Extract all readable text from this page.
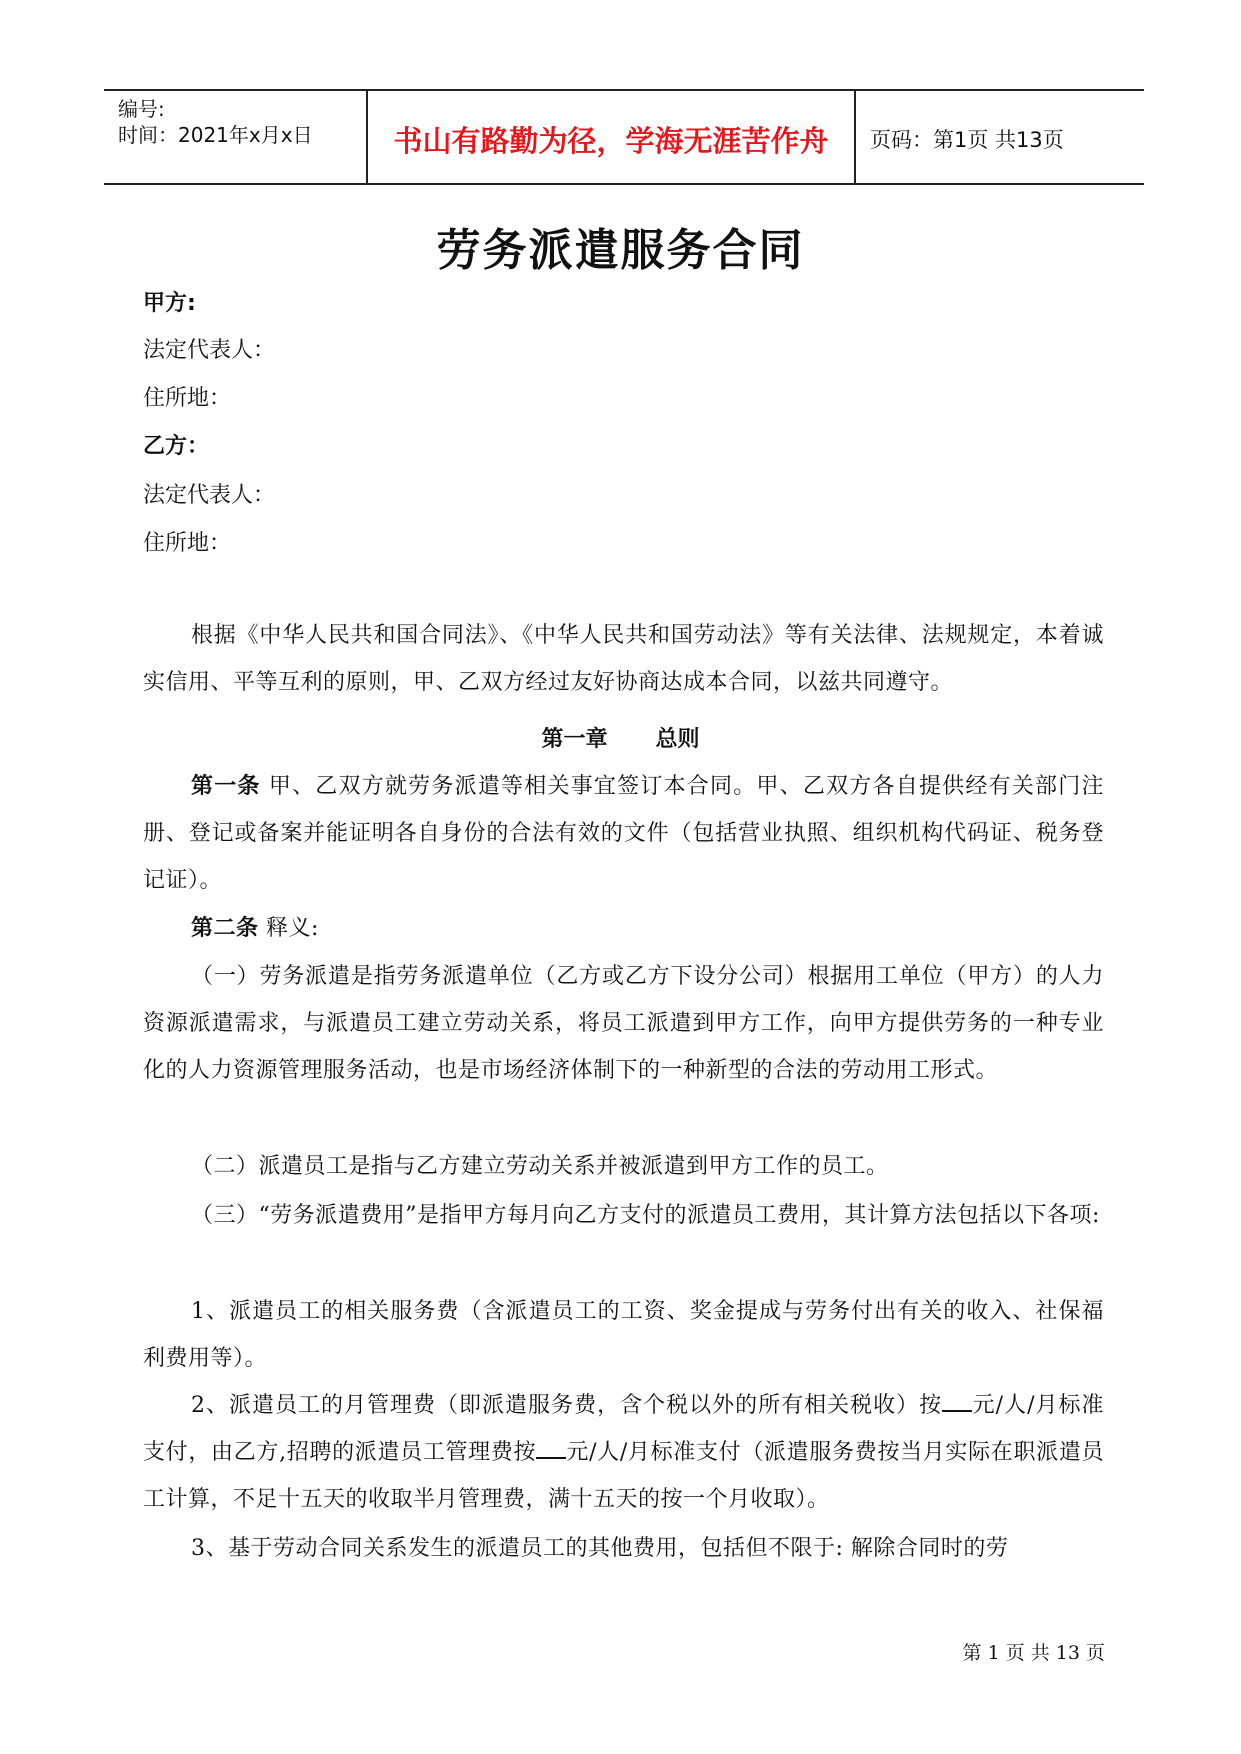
编号:
时间：2021年x月x日	书山有路勤为径，学海无涯苦作舟	页码：第1页 共13页
劳务派遣服务合同
甲方:
法定代表人：
住所地：
乙方：
法定代表人：
住所地：
根据《中华人民共和国合同法》、《中华人民共和国劳动法》等有关法律、法规规定，本着诚实信用、平等互利的原则，甲、乙双方经过友好协商达成本合同，以兹共同遵守。
第一章 总则
第一条 甲、乙双方就劳务派遣等相关事宜签订本合同。甲、乙双方各自提供经有关部门注册、登记或备案并能证明各自身份的合法有效的文件（包括营业执照、组织机构代码证、税务登记证）。
第二条 释义:
（一）劳务派遣是指劳务派遣单位（乙方或乙方下设分公司）根据用工单位（甲方）的人力资源派遣需求，与派遣员工建立劳动关系，将员工派遣到甲方工作，向甲方提供劳务的一种专业化的人力资源管理服务活动，也是市场经济体制下的一种新型的合法的劳动用工形式。
（二）派遣员工是指与乙方建立劳动关系并被派遣到甲方工作的员工。
（三）“劳务派遣费用”是指甲方每月向乙方支付的派遣员工费用，其计算方法包括以下各项:
1、派遣员工的相关服务费（含派遣员工的工资、奖金提成与劳务付出有关的收入、社保福利费用等）。
2、派遣员工的月管理费（即派遣服务费，含个税以外的所有相关税收）按 元/人/月标准支付，由乙方,招聘的派遣员工管理费按 元/人/月标准支付（派遣服务费按当月实际在职派遣员工计算，不足十五天的收取半月管理费，满十五天的按一个月收取）。
3、基于劳动合同关系发生的派遣员工的其他费用，包括但不限于: 解除合同时的劳
第 1 页 共 13 页
